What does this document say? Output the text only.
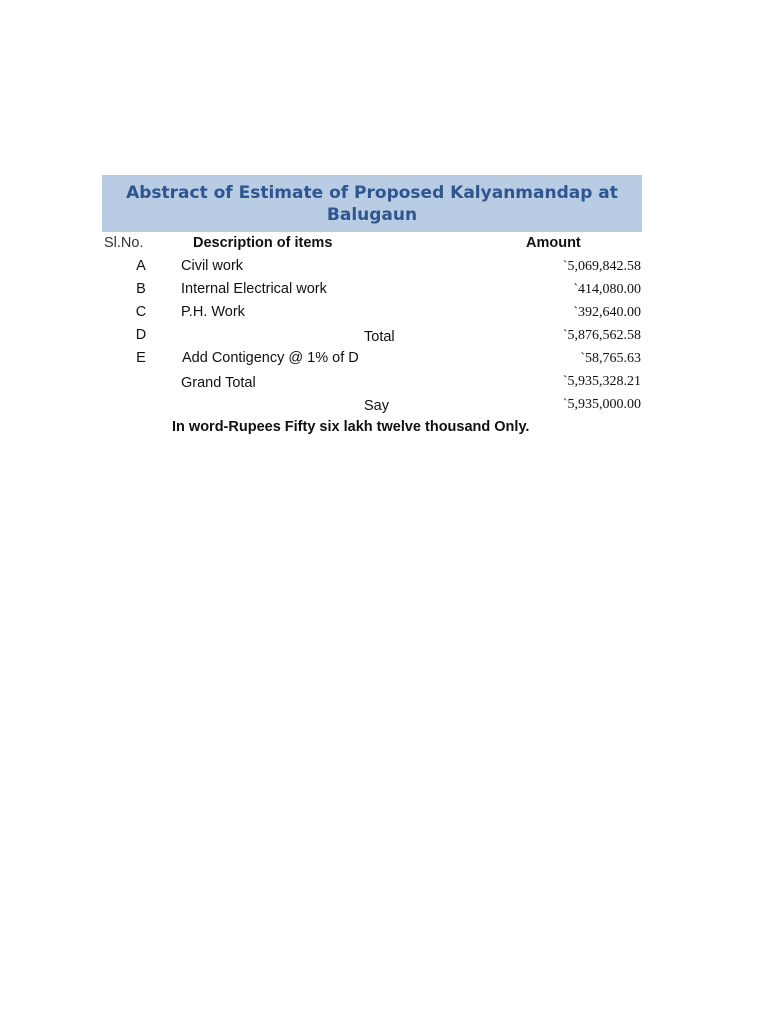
Abstract of Estimate of Proposed Kalyanmandap at Balugaun
Sl.No.	Description of items	Amount
A	Civil work	`5,069,842.58
B	Internal Electrical work	`414,080.00
C	P.H. Work	`392,640.00
D	Total	`5,876,562.58
E	Add Contigency @ 1% of D	`58,765.63
Grand Total	`5,935,328.21
Say	`5,935,000.00
In word-Rupees Fifty six lakh twelve thousand Only.
